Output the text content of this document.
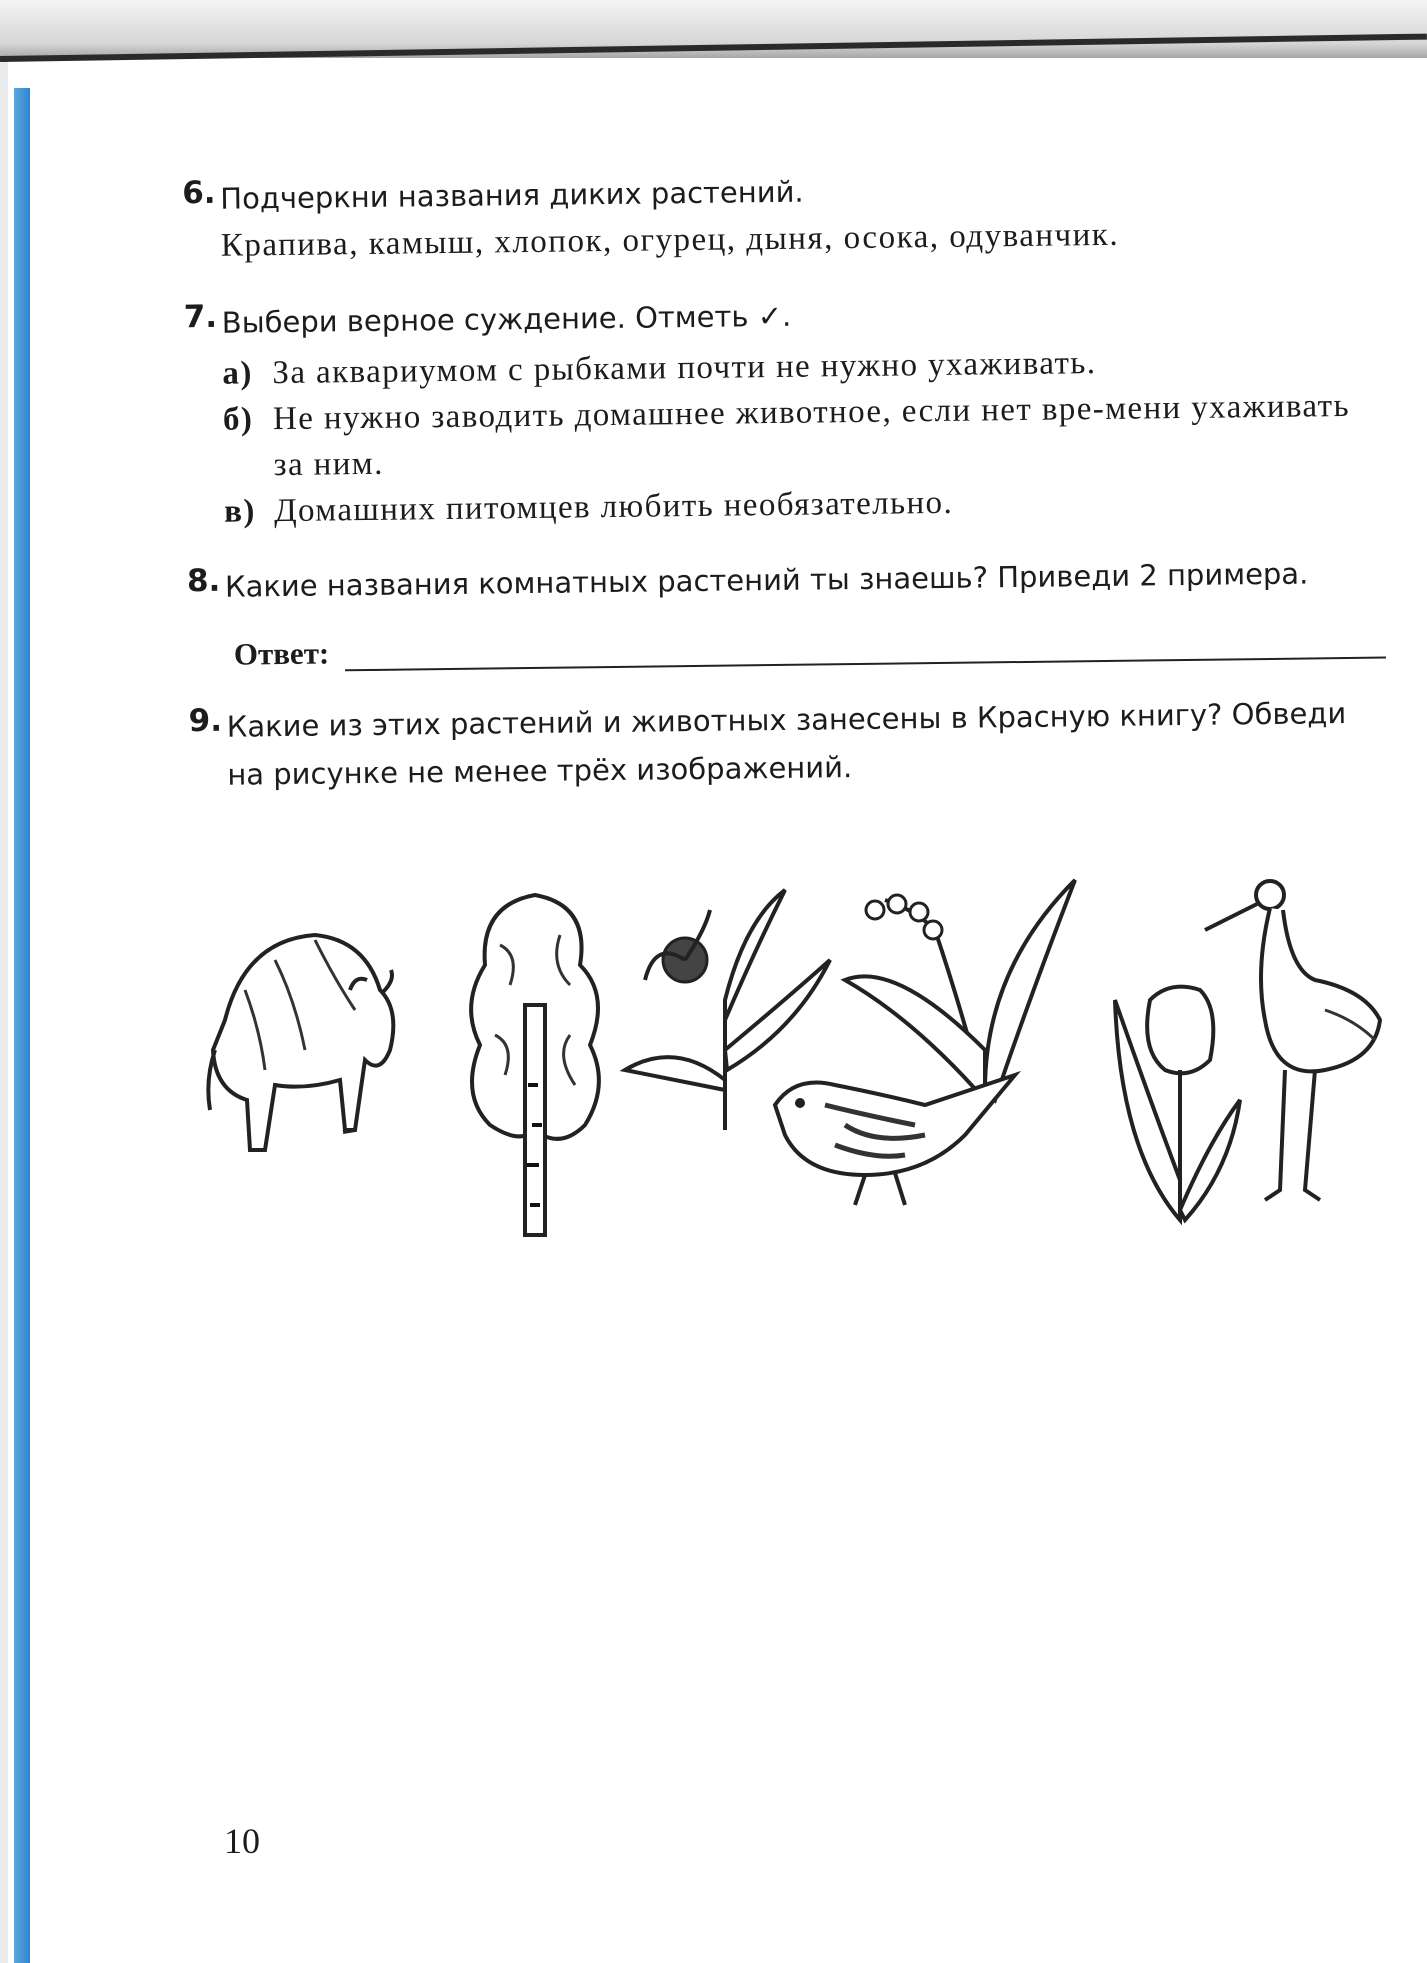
6. Подчеркни названия диких растений.
Крапива, камыш, хлопок, огурец, дыня, осока, одуванчик.
7. Выбери верное суждение. Отметь ✓.
а) За аквариумом с рыбками почти не нужно ухаживать.
б) Не нужно заводить домашнее животное, если нет вре-мени ухаживать за ним.
в) Домашних питомцев любить необязательно.
8. Какие названия комнатных растений ты знаешь? Приведи 2 примера.
Ответ:
9. Какие из этих растений и животных занесены в Красную книгу? Обведи на рисунке не менее трёх изображений.
10
